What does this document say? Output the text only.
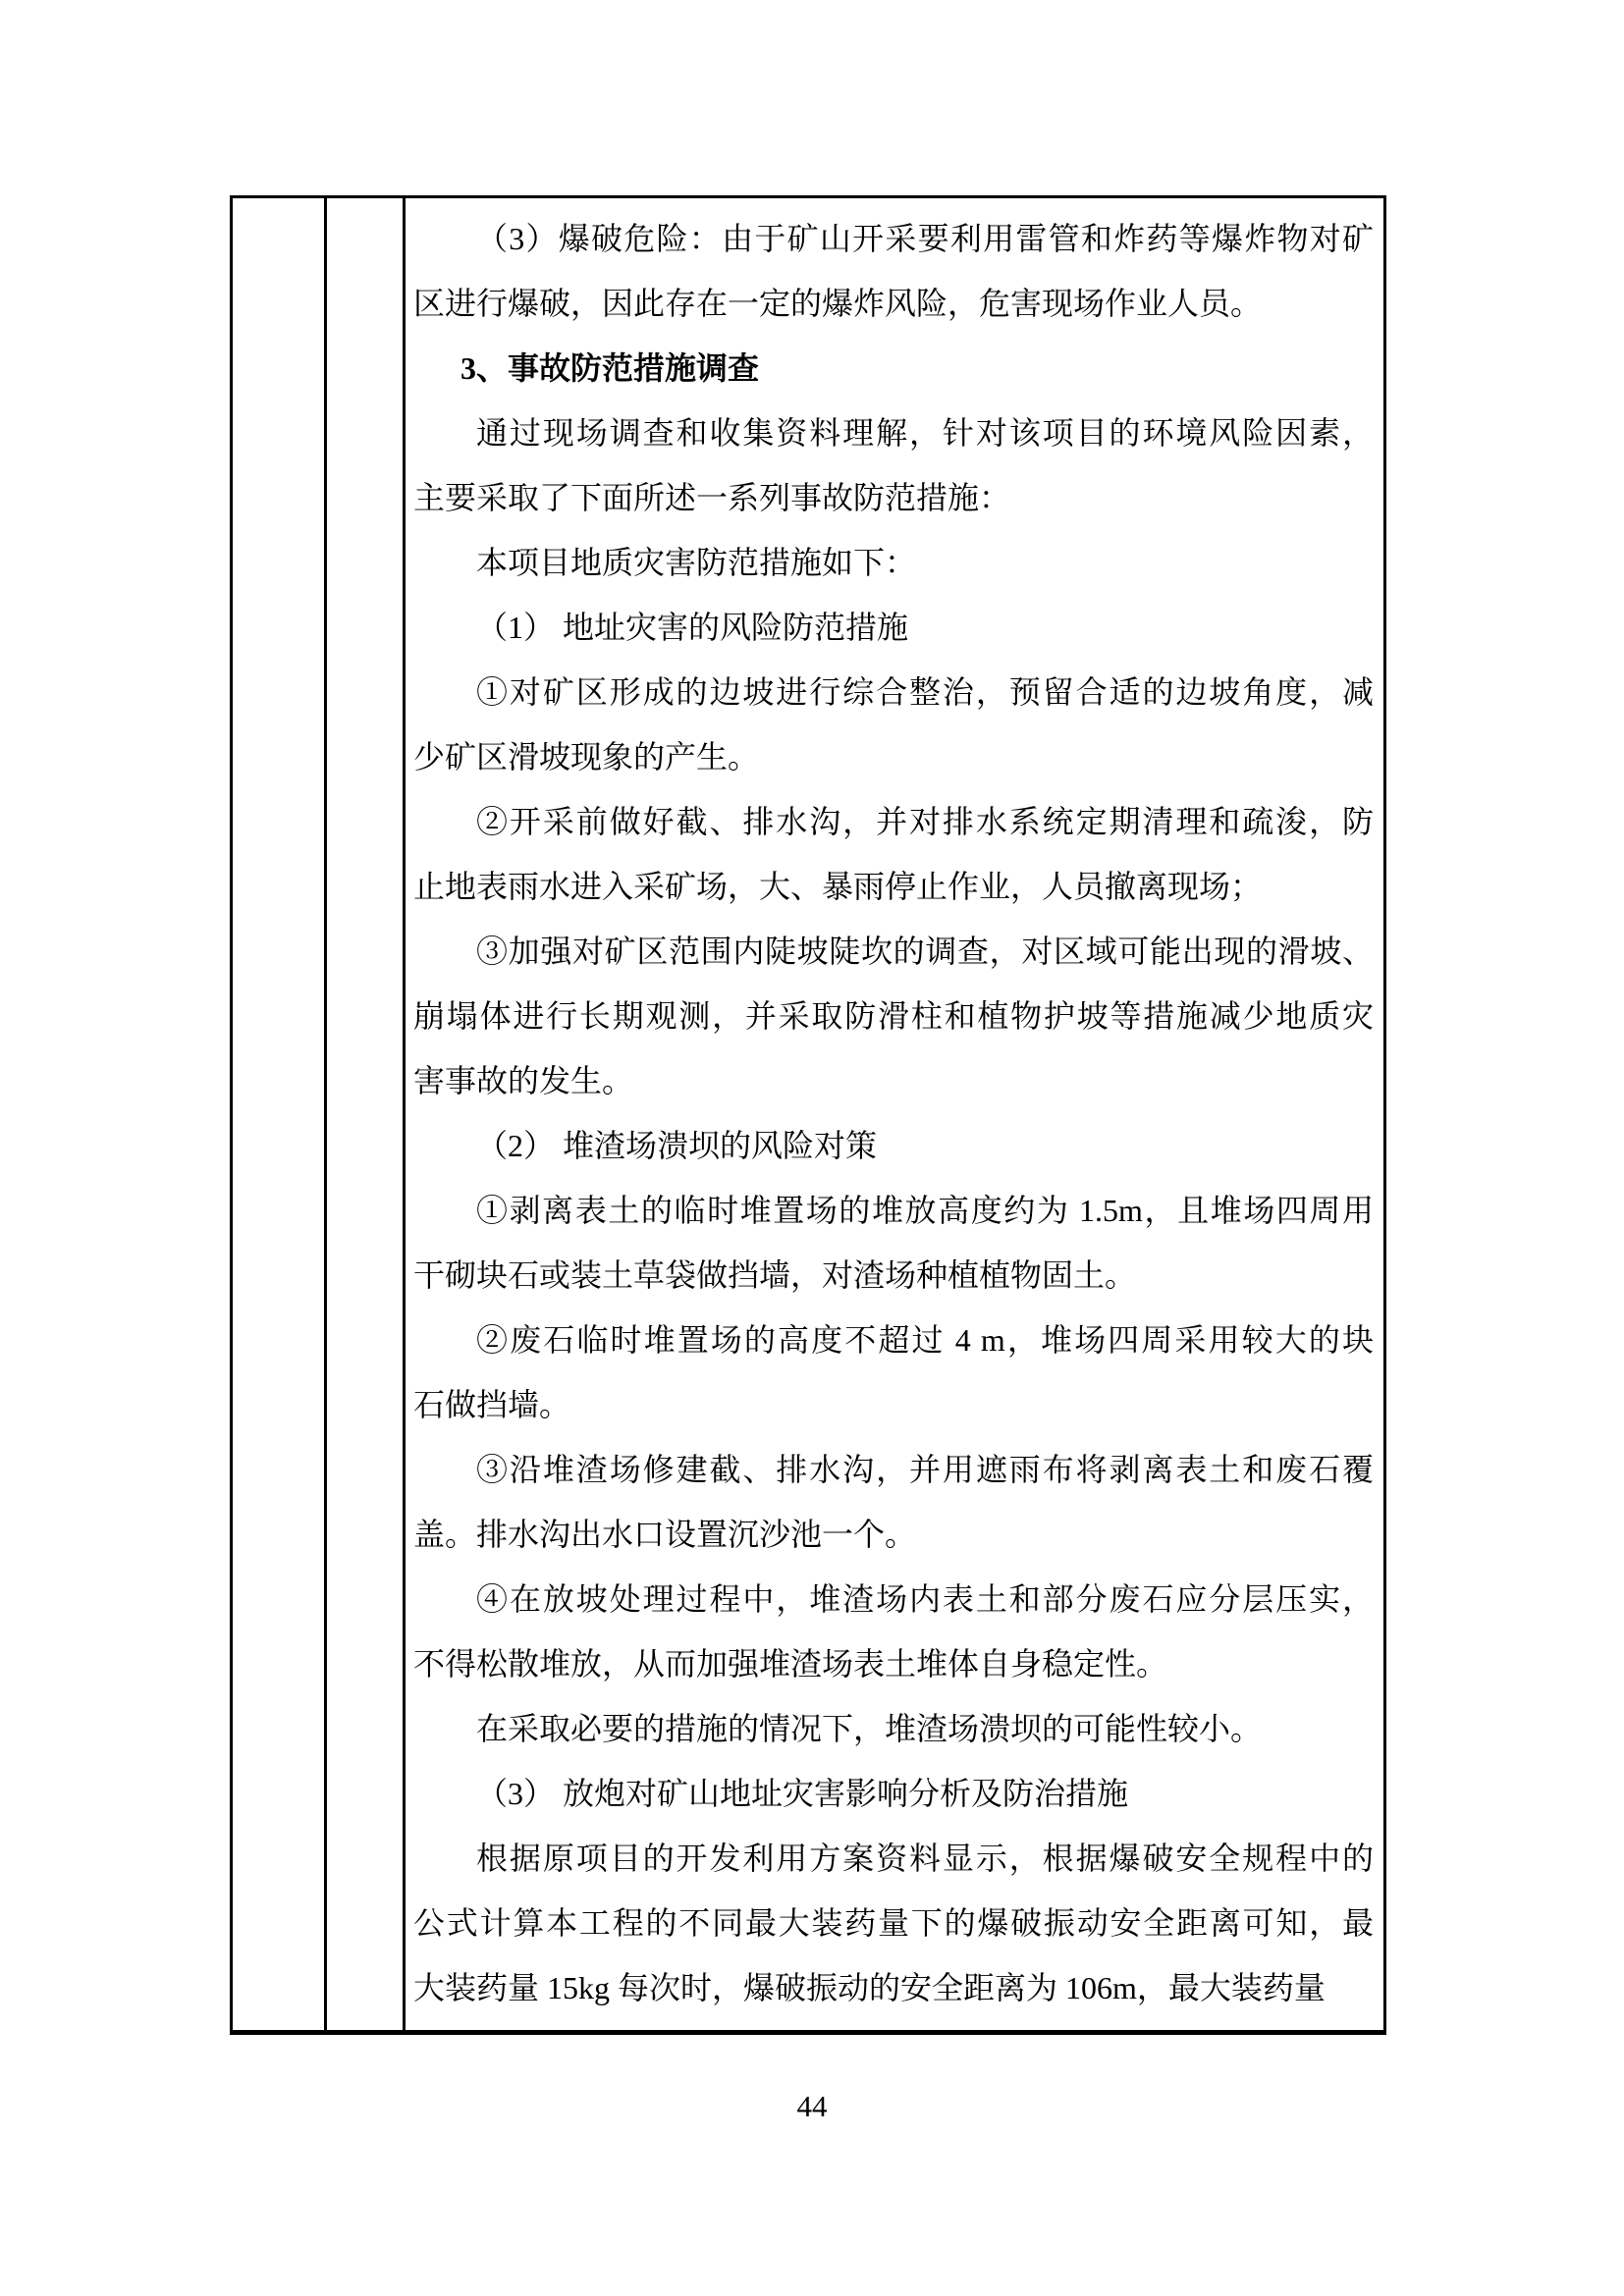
（3）爆破危险：由于矿山开采要利用雷管和炸药等爆炸物对矿
区进行爆破，因此存在一定的爆炸风险，危害现场作业人员。
3、事故防范措施调查
通过现场调查和收集资料理解，针对该项目的环境风险因素，
主要采取了下面所述一系列事故防范措施：
本项目地质灾害防范措施如下：
（1） 地址灾害的风险防范措施
①对矿区形成的边坡进行综合整治，预留合适的边坡角度，减
少矿区滑坡现象的产生。
②开采前做好截、排水沟，并对排水系统定期清理和疏浚，防
止地表雨水进入采矿场，大、暴雨停止作业，人员撤离现场；
③加强对矿区范围内陡坡陡坎的调查，对区域可能出现的滑坡、
崩塌体进行长期观测，并采取防滑柱和植物护坡等措施减少地质灾
害事故的发生。
（2） 堆渣场溃坝的风险对策
①剥离表土的临时堆置场的堆放高度约为 1.5m，且堆场四周用
干砌块石或装土草袋做挡墙，对渣场种植植物固土。
②废石临时堆置场的高度不超过 4 m，堆场四周采用较大的块
石做挡墙。
③沿堆渣场修建截、排水沟，并用遮雨布将剥离表土和废石覆
盖。排水沟出水口设置沉沙池一个。
④在放坡处理过程中，堆渣场内表土和部分废石应分层压实，
不得松散堆放，从而加强堆渣场表土堆体自身稳定性。
在采取必要的措施的情况下，堆渣场溃坝的可能性较小。
（3） 放炮对矿山地址灾害影响分析及防治措施
根据原项目的开发利用方案资料显示，根据爆破安全规程中的
公式计算本工程的不同最大装药量下的爆破振动安全距离可知，最
大装药量 15kg 每次时，爆破振动的安全距离为 106m，最大装药量
44
